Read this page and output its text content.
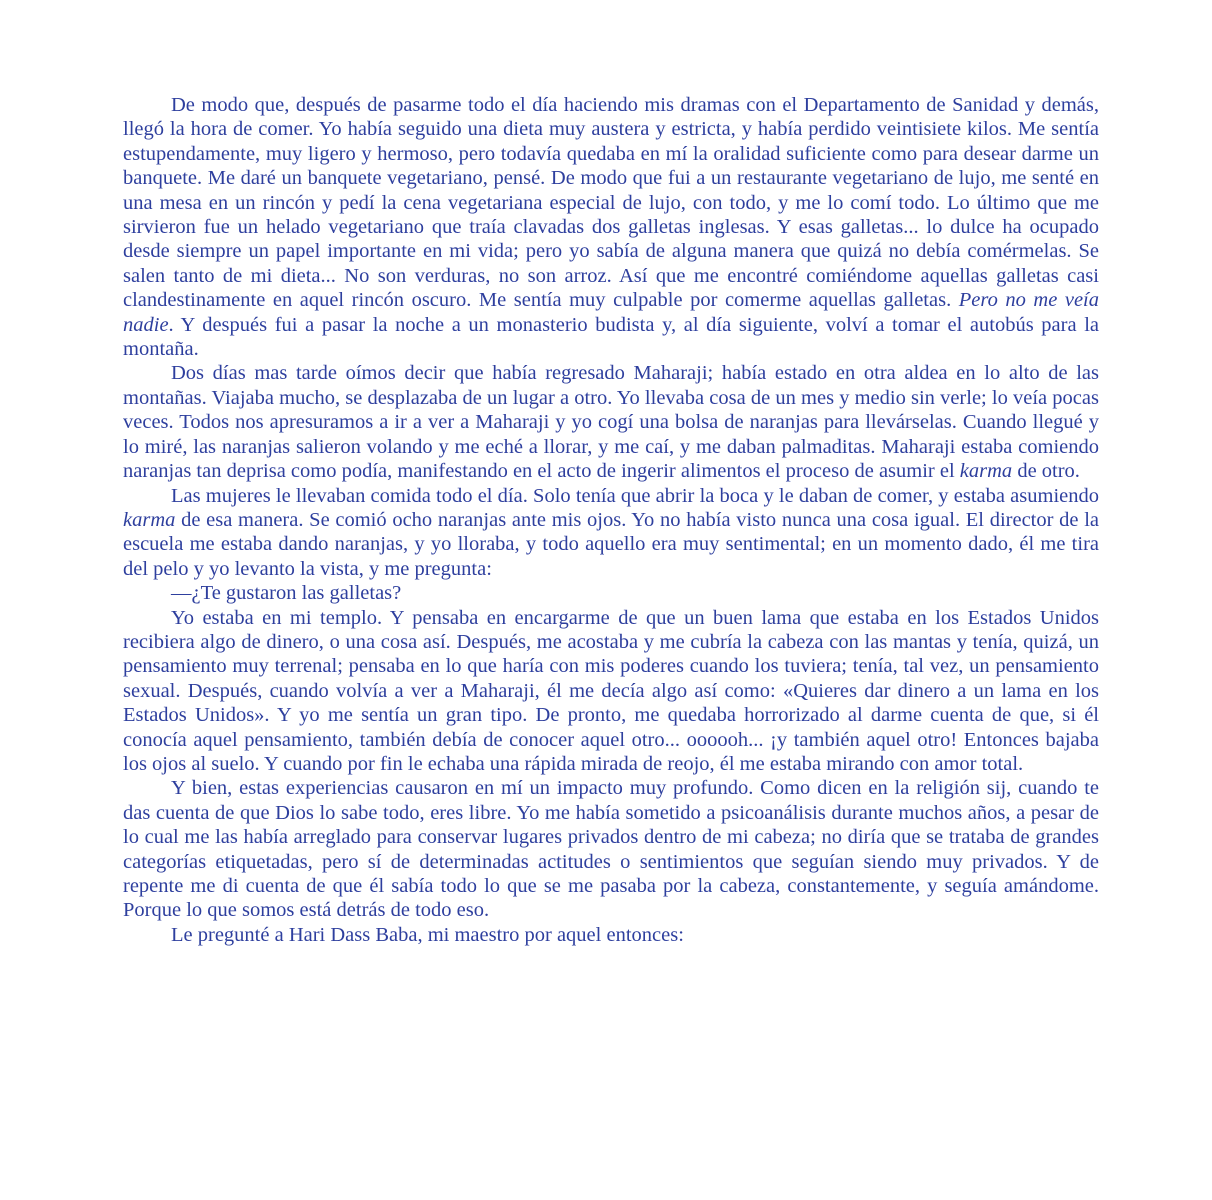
De modo que, después de pasarme todo el día haciendo mis dramas con el Departamento de Sanidad y demás, llegó la hora de comer. Yo había seguido una dieta muy austera y estricta, y había perdido veintisiete kilos. Me sentía estupendamente, muy ligero y hermoso, pero todavía quedaba en mí la oralidad suficiente como para desear darme un banquete. Me daré un banquete vegetariano, pensé. De modo que fui a un restaurante vegetariano de lujo, me senté en una mesa en un rincón y pedí la cena vegetariana especial de lujo, con todo, y me lo comí todo. Lo último que me sirvieron fue un helado vegetariano que traía clavadas dos galletas inglesas. Y esas galletas... lo dulce ha ocupado desde siempre un papel importante en mi vida; pero yo sabía de alguna manera que quizá no debía comérmelas. Se salen tanto de mi dieta... No son verduras, no son arroz. Así que me encontré comiéndome aquellas galletas casi clandestinamente en aquel rincón oscuro. Me sentía muy culpable por comerme aquellas galletas. Pero no me veía nadie. Y después fui a pasar la noche a un monasterio budista y, al día siguiente, volví a tomar el autobús para la montaña.

Dos días mas tarde oímos decir que había regresado Maharaji; había estado en otra aldea en lo alto de las montañas. Viajaba mucho, se desplazaba de un lugar a otro. Yo llevaba cosa de un mes y medio sin verle; lo veía pocas veces. Todos nos apresuramos a ir a ver a Maharaji y yo cogí una bolsa de naranjas para llevárselas. Cuando llegué y lo miré, las naranjas salieron volando y me eché a llorar, y me caí, y me daban palmaditas. Maharaji estaba comiendo naranjas tan deprisa como podía, manifestando en el acto de ingerir alimentos el proceso de asumir el karma de otro.

Las mujeres le llevaban comida todo el día. Solo tenía que abrir la boca y le daban de comer, y estaba asumiendo karma de esa manera. Se comió ocho naranjas ante mis ojos. Yo no había visto nunca una cosa igual. El director de la escuela me estaba dando naranjas, y yo lloraba, y todo aquello era muy sentimental; en un momento dado, él me tira del pelo y yo levanto la vista, y me pregunta:

—¿Te gustaron las galletas?

Yo estaba en mi templo. Y pensaba en encargarme de que un buen lama que estaba en los Estados Unidos recibiera algo de dinero, o una cosa así. Después, me acostaba y me cubría la cabeza con las mantas y tenía, quizá, un pensamiento muy terrenal; pensaba en lo que haría con mis poderes cuando los tuviera; tenía, tal vez, un pensamiento sexual. Después, cuando volvía a ver a Maharaji, él me decía algo así como: «Quieres dar dinero a un lama en los Estados Unidos». Y yo me sentía un gran tipo. De pronto, me quedaba horrorizado al darme cuenta de que, si él conocía aquel pensamiento, también debía de conocer aquel otro... oooooh... ¡y también aquel otro! Entonces bajaba los ojos al suelo. Y cuando por fin le echaba una rápida mirada de reojo, él me estaba mirando con amor total.

Y bien, estas experiencias causaron en mí un impacto muy profundo. Como dicen en la religión sij, cuando te das cuenta de que Dios lo sabe todo, eres libre. Yo me había sometido a psicoanálisis durante muchos años, a pesar de lo cual me las había arreglado para conservar lugares privados dentro de mi cabeza; no diría que se trataba de grandes categorías etiquetadas, pero sí de determinadas actitudes o sentimientos que seguían siendo muy privados. Y de repente me di cuenta de que él sabía todo lo que se me pasaba por la cabeza, constantemente, y seguía amándome. Porque lo que somos está detrás de todo eso.

Le pregunté a Hari Dass Baba, mi maestro por aquel entonces:
